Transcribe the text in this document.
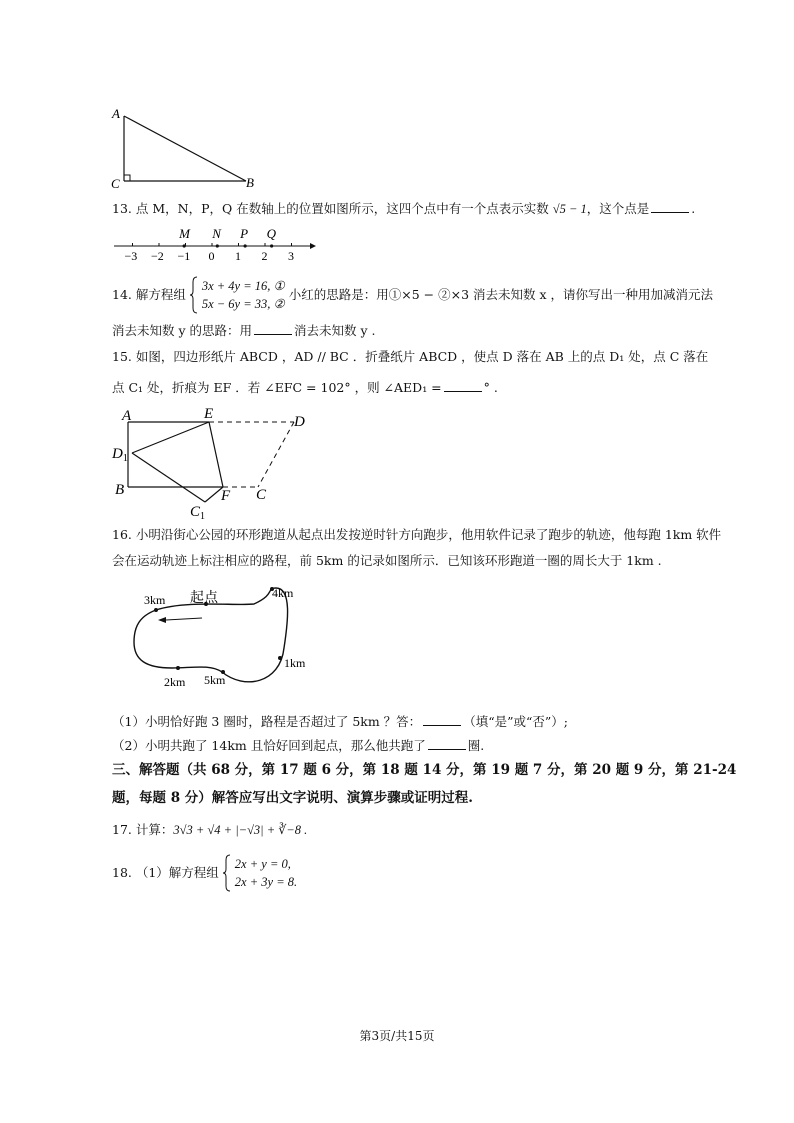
A
C	B
13. 点 M，N，P，Q 在数轴上的位置如图所示，这四个点中有一个点表示实数 √5 − 1，这个点是	.
−3 −2 −1 0 1 2 3
M N P Q
14. 解方程组  3x + 4y = 16, ①
5x − 6y = 33, ② 小红的思路是：用①×5 − ②×3 消去未知数 x ，请你写出一种用加减消元法
消去未知数 y 的思路：用	消去未知数 y .
15. 如图，四边形纸片 ABCD ，AD // BC ．折叠纸片 ABCD ，使点 D 落在 AB 上的点 D₁ 处，点 C 落在
点 C₁ 处，折痕为 EF ．若 ∠EFC = 102° ，则 ∠AED₁ =	° .
A	E	D
$D_1$
B	F C
$C_1$
16. 小明沿街心公园的环形跑道从起点出发按逆时针方向跑步，他用软件记录了跑步的轨迹，他每跑 1km 软件
会在运动轨迹上标注相应的路程，前 5km 的记录如图所示．已知该环形跑道一圈的周长大于 1km .
起点
3km	4km
1km
2km 5km
（1）小明恰好跑 3 圈时，路程是否超过了 5km ？答：	（填“是”或“否”）;
（2）小明共跑了 14km 且恰好回到起点，那么他共跑了	圈.
三、解答题（共 68 分，第 17 题 6 分，第 18 题 14 分，第 19 题 7 分，第 20 题 9 分，第 21-24
题，每题 8 分）解答应写出文字说明、演算步骤或证明过程.
17. 计算：3√3 + √4 + |−√3| + ∛−8 .
18. （1）解方程组  2x + y = 0,
2x + 3y = 8.
第3页/共15页
